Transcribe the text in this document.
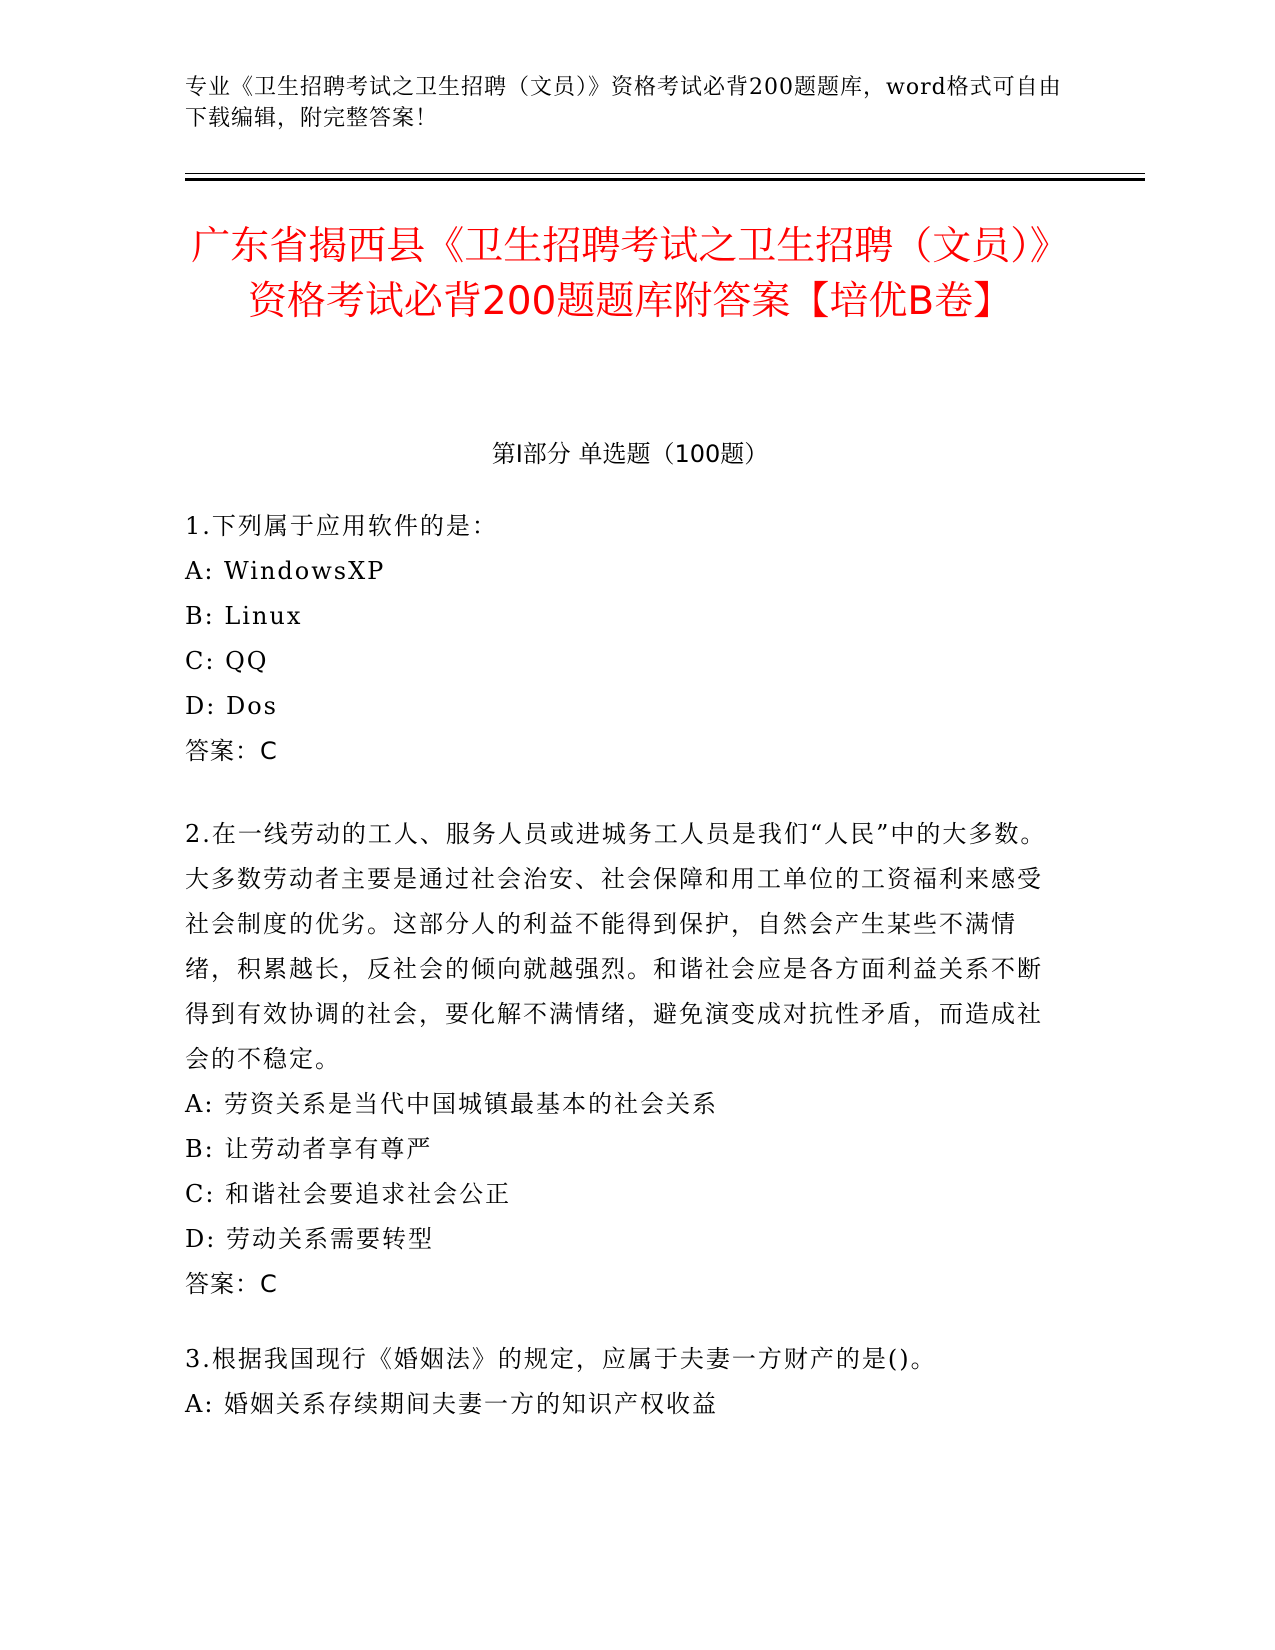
专业《卫生招聘考试之卫生招聘（文员）》资格考试必背200题题库，word格式可自由下载编辑，附完整答案！
广东省揭西县《卫生招聘考试之卫生招聘（文员）》资格考试必背200题题库附答案【培优B卷】
第Ⅰ部分 单选题（100题）

1.下列属于应用软件的是：

A: WindowsXP

B: Linux

C: QQ

D: Dos

答案：C

2.在一线劳动的工人、服务人员或进城务工人员是我们“人民”中的大多数。大多数劳动者主要是通过社会治安、社会保障和用工单位的工资福利来感受社会制度的优劣。这部分人的利益不能得到保护，自然会产生某些不满情绪，积累越长，反社会的倾向就越强烈。和谐社会应是各方面利益关系不断得到有效协调的社会，要化解不满情绪，避免演变成对抗性矛盾，而造成社会的不稳定。

A: 劳资关系是当代中国城镇最基本的社会关系

B: 让劳动者享有尊严

C: 和谐社会要追求社会公正

D: 劳动关系需要转型

答案：C

3.根据我国现行《婚姻法》的规定，应属于夫妻一方财产的是()。

A: 婚姻关系存续期间夫妻一方的知识产权收益
